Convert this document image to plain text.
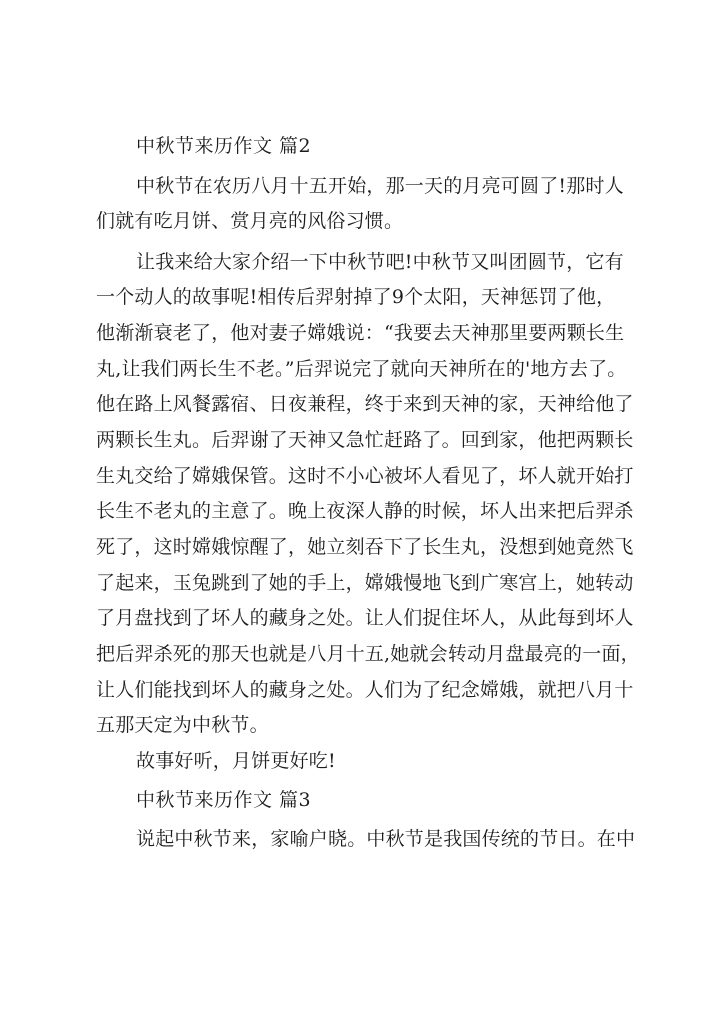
中秋节来历作文 篇2

中秋节在农历八月十五开始，那一天的月亮可圆了!那时人

们就有吃月饼、赏月亮的风俗习惯。

让我来给大家介绍一下中秋节吧!中秋节又叫团圆节，它有

一个动人的故事呢!相传后羿射掉了9个太阳，天神惩罚了他，

他渐渐衰老了，他对妻子嫦娥说：“我要去天神那里要两颗长生

丸,让我们两长生不老。”后羿说完了就向天神所在的'地方去了。

他在路上风餐露宿、日夜兼程，终于来到天神的家，天神给他了

两颗长生丸。后羿谢了天神又急忙赶路了。回到家，他把两颗长

生丸交给了嫦娥保管。这时不小心被坏人看见了，坏人就开始打

长生不老丸的主意了。晚上夜深人静的时候，坏人出来把后羿杀

死了，这时嫦娥惊醒了，她立刻吞下了长生丸，没想到她竟然飞

了起来，玉兔跳到了她的手上，嫦娥慢地飞到广寒宫上，她转动

了月盘找到了坏人的藏身之处。让人们捉住坏人，从此每到坏人

把后羿杀死的那天也就是八月十五,她就会转动月盘最亮的一面，

让人们能找到坏人的藏身之处。人们为了纪念嫦娥，就把八月十

五那天定为中秋节。

故事好听，月饼更好吃!

中秋节来历作文 篇3

说起中秋节来，家喻户晓。中秋节是我国传统的节日。在中
